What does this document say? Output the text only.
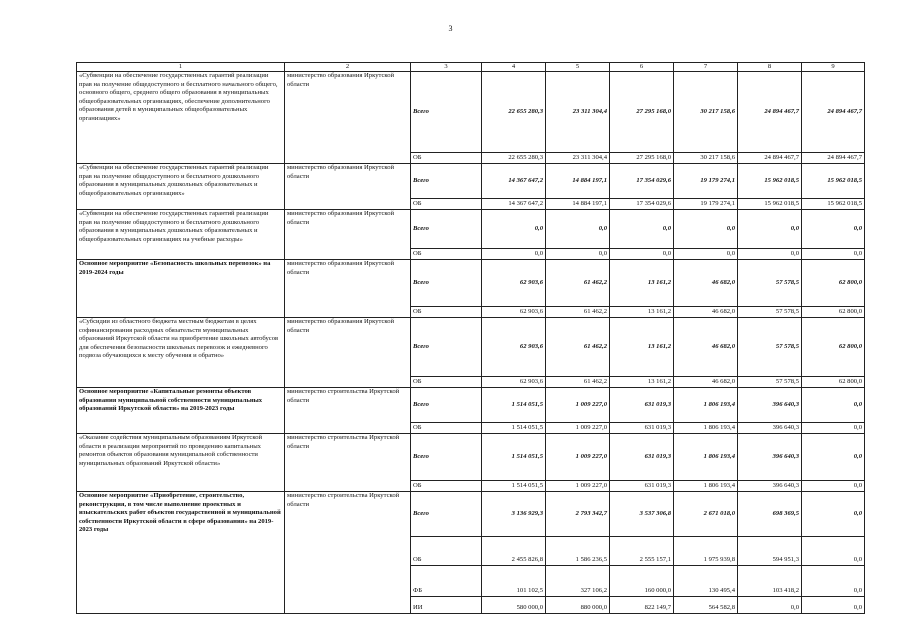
3
1	2	3	4	5	6	7	8	9
«Субвенции на обеспечение государственных гарантий реализации прав на получение общедоступного и бесплатного начального общего, основного общего, среднего общего образования в муниципальных общеобразовательных организациях, обеспечение дополнительного образования детей в муниципальных общеобразовательных организациях»	министерство образования Иркутской области	Всего	22 655 280,3	23 311 304,4	27 295 168,0	30 217 158,6	24 894 467,7	24 894 467,7
		ОБ	22 655 280,3	23 311 304,4	27 295 168,0	30 217 158,6	24 894 467,7	24 894 467,7
«Субвенции на обеспечение государственных гарантий реализации прав на получение общедоступного и бесплатного дошкольного образования в муниципальных дошкольных образовательных и общеобразовательных организациях»	министерство образования Иркутской области	Всего	14 367 647,2	14 884 197,1	17 354 029,6	19 179 274,1	15 962 018,5	15 962 018,5
		ОБ	14 367 647,2	14 884 197,1	17 354 029,6	19 179 274,1	15 962 018,5	15 962 018,5
«Субвенции на обеспечение государственных гарантий реализации прав на получение общедоступного и бесплатного дошкольного образования в муниципальных дошкольных образовательных и общеобразовательных организациях на учебные расходы»	министерство образования Иркутской области	Всего	0,0	0,0	0,0	0,0	0,0	0,0
		ОБ	0,0	0,0	0,0	0,0	0,0	0,0
Основное мероприятие «Безопасность школьных перевозок» на 2019-2024 годы	министерство образования Иркутской области	Всего	62 903,6	61 462,2	13 161,2	46 682,0	57 578,5	62 800,0
		ОБ	62 903,6	61 462,2	13 161,2	46 682,0	57 578,5	62 800,0
«Субсидии из областного бюджета местным бюджетам в целях софинансирования расходных обязательств муниципальных образований Иркутской области на приобретение школьных автобусов для обеспечения безопасности школьных перевозок и ежедневного подвоза обучающихся к месту обучения и обратно»	министерство образования Иркутской области	Всего	62 903,6	61 462,2	13 161,2	46 682,0	57 578,5	62 800,0
		ОБ	62 903,6	61 462,2	13 161,2	46 682,0	57 578,5	62 800,0
Основное мероприятие «Капитальные ремонты объектов образования муниципальной собственности муниципальных образований Иркутской области» на 2019-2023 годы	министерство строительства Иркутской области	Всего	1 514 051,5	1 009 227,0	631 019,3	1 806 193,4	396 640,3	0,0
		ОБ	1 514 051,5	1 009 227,0	631 019,3	1 806 193,4	396 640,3	0,0
«Оказание содействия муниципальным образованиям Иркутской области в реализации мероприятий по проведению капитальных ремонтов объектов образования муниципальной собственности муниципальных образований Иркутской области»	министерство строительства Иркутской области	Всего	1 514 051,5	1 009 227,0	631 019,3	1 806 193,4	396 640,3	0,0
		ОБ	1 514 051,5	1 009 227,0	631 019,3	1 806 193,4	396 640,3	0,0
Основное мероприятие «Приобретение, строительство, реконструкция, в том числе выполнение проектных и изыскательских работ объектов государственной и муниципальной собственности Иркутской области в сфере образования» на 2019-2023 годы	министерство строительства Иркутской области	Всего	3 136 929,3	2 793 342,7	3 537 306,8	2 671 018,0	698 369,5	0,0
		ОБ	2 455 826,8	1 586 236,5	2 555 157,1	1 975 939,8	594 951,3	0,0
		ФБ	101 102,5	327 106,2	160 000,0	130 495,4	103 418,2	0,0
		ИИ	580 000,0	880 000,0	822 149,7	564 582,8	0,0	0,0
